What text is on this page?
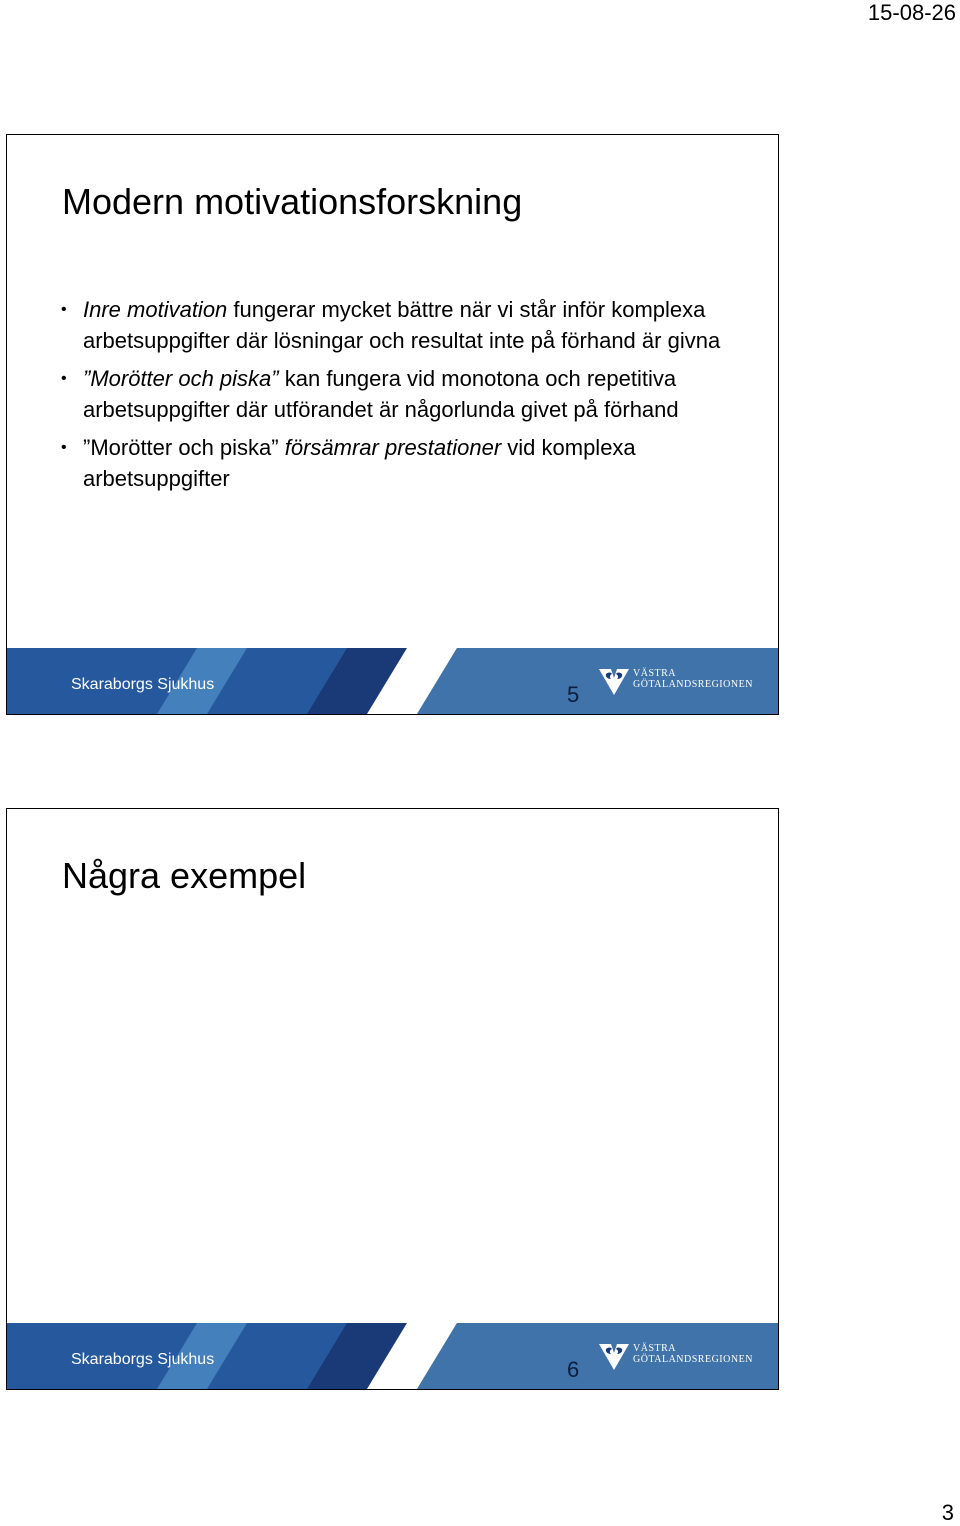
15-08-26
Modern motivationsforskning
• Inre motivation fungerar mycket bättre när vi står inför komplexa arbetsuppgifter där lösningar och resultat inte på förhand är givna
• ”Morötter och piska” kan fungera vid monotona och repetitiva arbetsuppgifter där utförandet är någorlunda givet på förhand
• ”Morötter och piska” försämrar prestationer vid komplexa arbetsuppgifter
Skaraborgs Sjukhus	5
VÄSTRA
GÖTALANDSREGIONEN
Några exempel
Skaraborgs Sjukhus	6
VÄSTRA
GÖTALANDSREGIONEN
3
